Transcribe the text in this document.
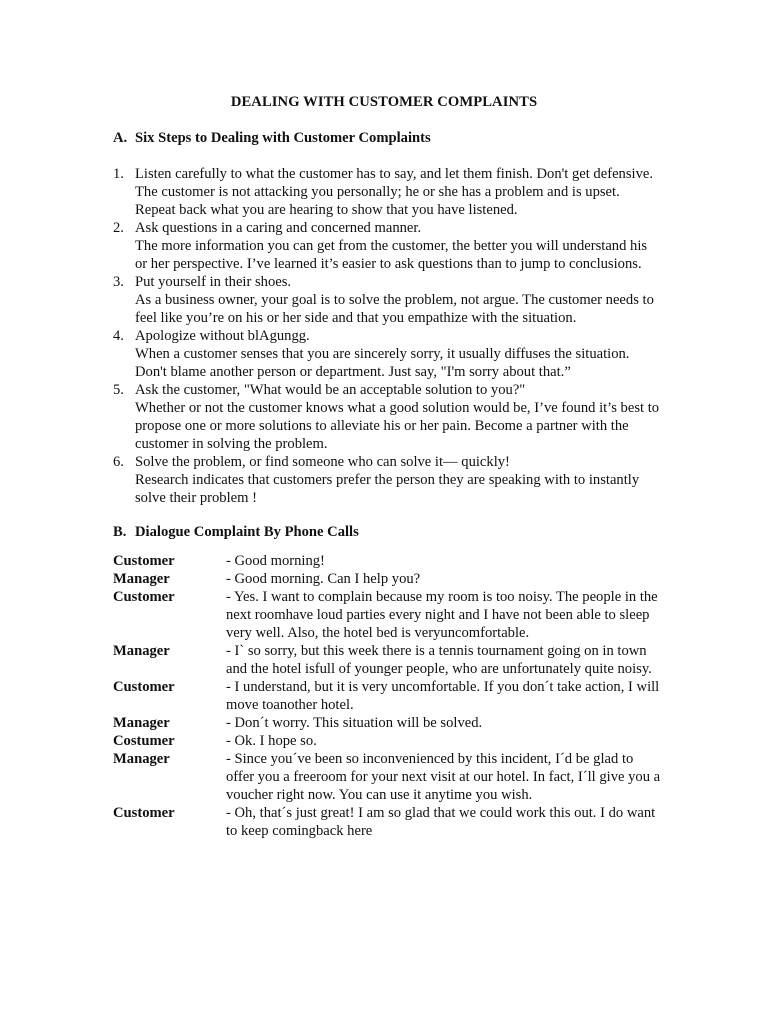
DEALING WITH CUSTOMER COMPLAINTS
A. Six Steps to Dealing with Customer Complaints
1. Listen carefully to what the customer has to say, and let them finish. Don't get defensive.
The customer is not attacking you personally; he or she has a problem and is upset.
Repeat back what you are hearing to show that you have listened.
2. Ask questions in a caring and concerned manner.
The more information you can get from the customer, the better you will understand his
or her perspective. I’ve learned it’s easier to ask questions than to jump to conclusions.
3. Put yourself in their shoes.
As a business owner, your goal is to solve the problem, not argue. The customer needs to
feel like you’re on his or her side and that you empathize with the situation.
4. Apologize without blAgungg.
When a customer senses that you are sincerely sorry, it usually diffuses the situation.
Don't blame another person or department. Just say, "I'm sorry about that.”
5. Ask the customer, "What would be an acceptable solution to you?"
Whether or not the customer knows what a good solution would be, I’ve found it’s best to
propose one or more solutions to alleviate his or her pain. Become a partner with the
customer in solving the problem.
6. Solve the problem, or find someone who can solve it— quickly!
Research indicates that customers prefer the person they are speaking with to instantly
solve their problem !
B. Dialogue Complaint By Phone Calls
Customer	- Good morning!
Manager	- Good morning. Can I help you?
Customer	- Yes. I want to complain because my room is too noisy. The people in the
next roomhave loud parties every night and I have not been able to sleep
very well. Also, the hotel bed is veryuncomfortable.
Manager	- I` so sorry, but this week there is a tennis tournament going on in town
and the hotel isfull of younger people, who are unfortunately quite noisy.
Customer	- I understand, but it is very uncomfortable. If you don´t take action, I will
move toanother hotel.
Manager	- Don´t worry. This situation will be solved.
Costumer	- Ok. I hope so.
Manager	- Since you´ve been so inconvenienced by this incident, I´d be glad to
offer you a freeroom for your next visit at our hotel. In fact, I´ll give you a
voucher right now. You can use it anytime you wish.
Customer	- Oh, that´s just great! I am so glad that we could work this out. I do want
to keep comingback here
